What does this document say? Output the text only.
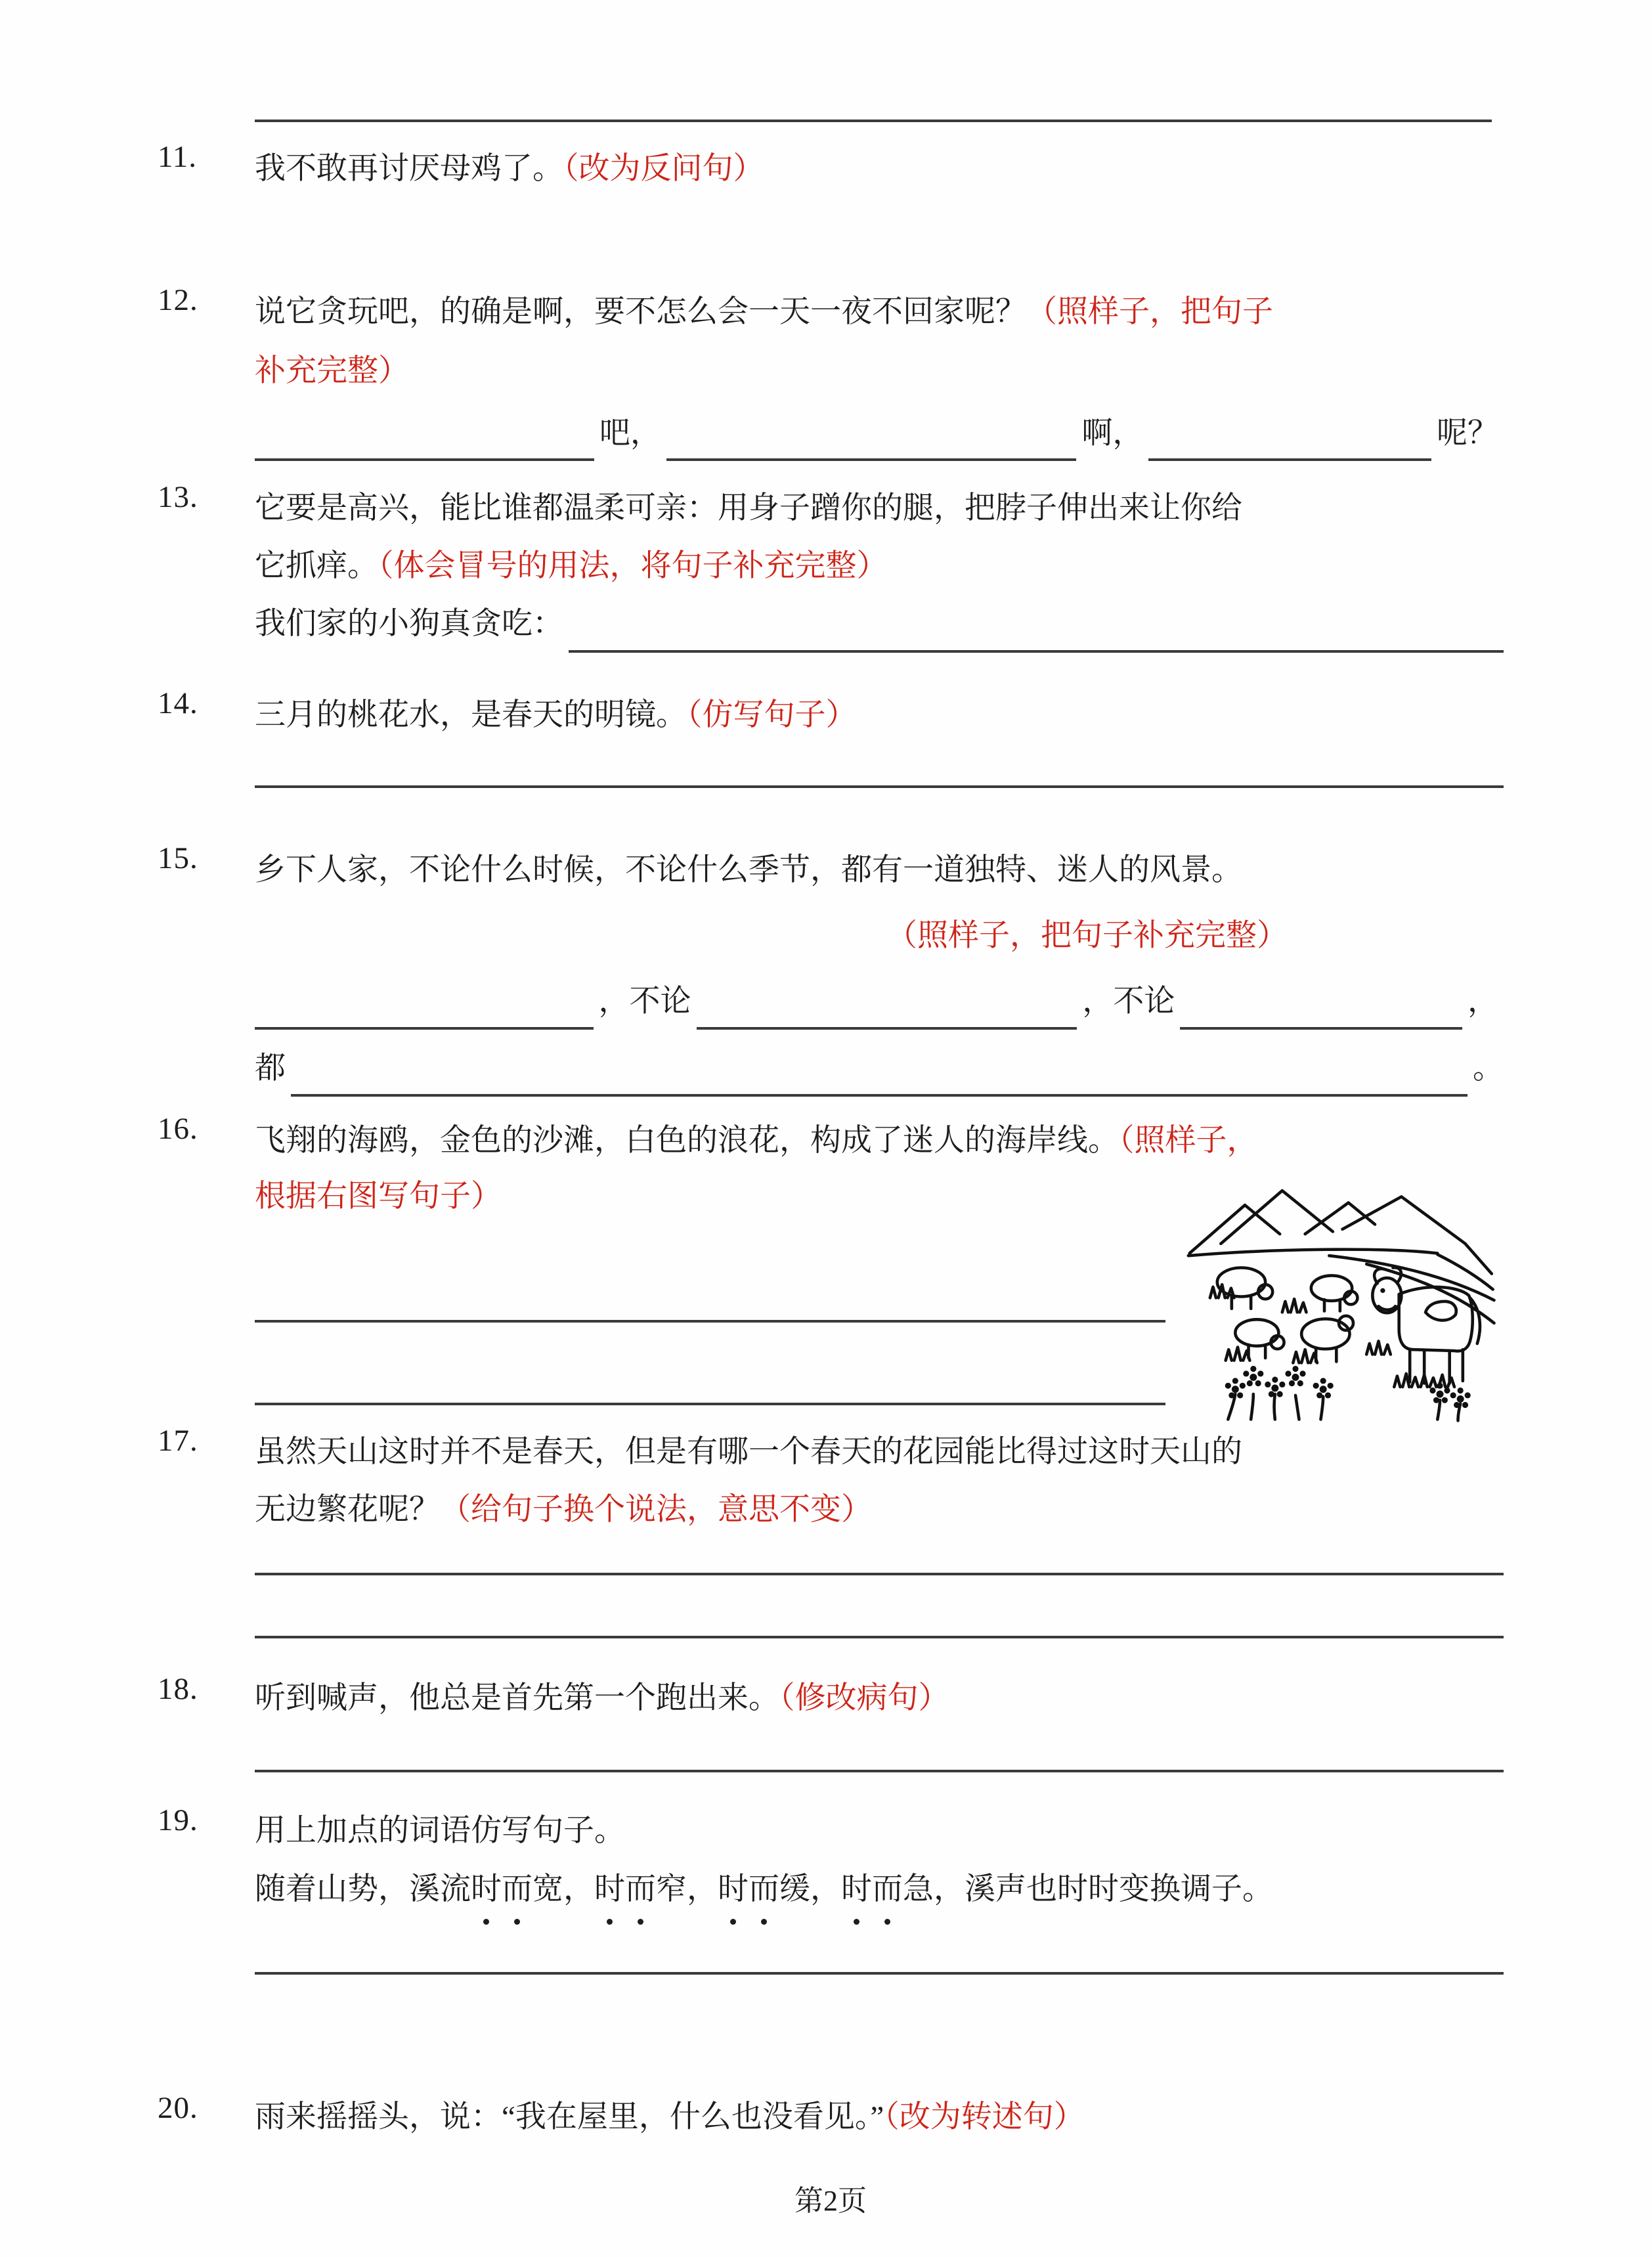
11.	我不敢再讨厌母鸡了。（改为反问句）
12.	说它贪玩吧，的确是啊，要不怎么会一天一夜不回家呢？（照样子，把句子
补充完整）
吧，	啊，	呢？
13.	它要是高兴，能比谁都温柔可亲：用身子蹭你的腿，把脖子伸出来让你给
它抓痒。（体会冒号的用法，将句子补充完整）
我们家的小狗真贪吃：
14.	三月的桃花水，是春天的明镜。（仿写句子）
15.	乡下人家，不论什么时候，不论什么季节，都有一道独特、迷人的风景。
（照样子，把句子补充完整）
，不论	，不论	，
都	。
16.	飞翔的海鸥，金色的沙滩，白色的浪花，构成了迷人的海岸线。（照样子，
根据右图写句子）
17.	虽然天山这时并不是春天，但是有哪一个春天的花园能比得过这时天山的
无边繁花呢？（给句子换个说法，意思不变）
18.	听到喊声，他总是首先第一个跑出来。（修改病句）
19.	用上加点的词语仿写句子。
随着山势，溪流时而宽，时而窄，时而缓，时而急，溪声也时时变换调子。
20.	雨来摇摇头，说：“我在屋里，什么也没看见。”（改为转述句）
第2页
